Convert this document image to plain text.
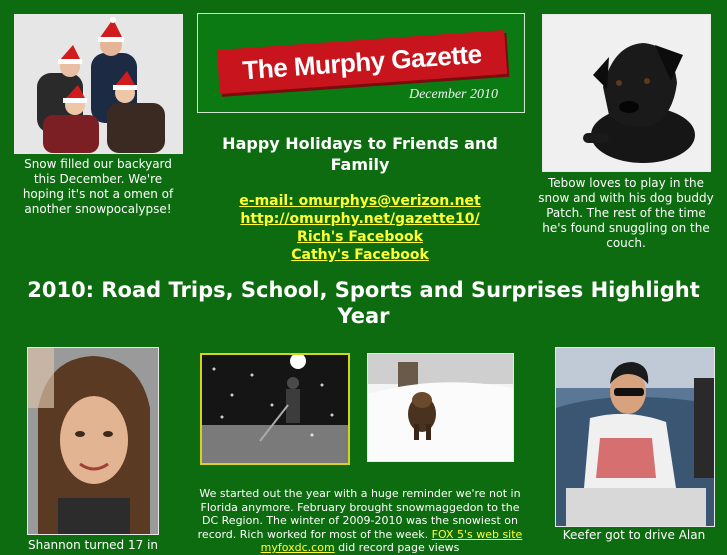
Snow filled our backyard this December. We're hoping it's not a omen of another snowpocalypse!
The Murphy Gazette
December 2010
Tebow loves to play in the snow and with his dog buddy Patch. The rest of the time he's found snuggling on the couch.
Happy Holidays to Friends and Family
e-mail: omurphys@verizon.net
http://omurphy.net/gazette10/
Rich's Facebook
Cathy's Facebook
2010: Road Trips, School, Sports and Surprises Highlight Year
Shannon turned 17 in
We started out the year with a huge reminder we're not in Florida anymore. February brought snowmaggedon to the DC Region. The winter of 2009-2010 was the snowiest on record. Rich worked for most of the week. FOX 5's web site myfoxdc.com did record page views
Keefer got to drive Alan
